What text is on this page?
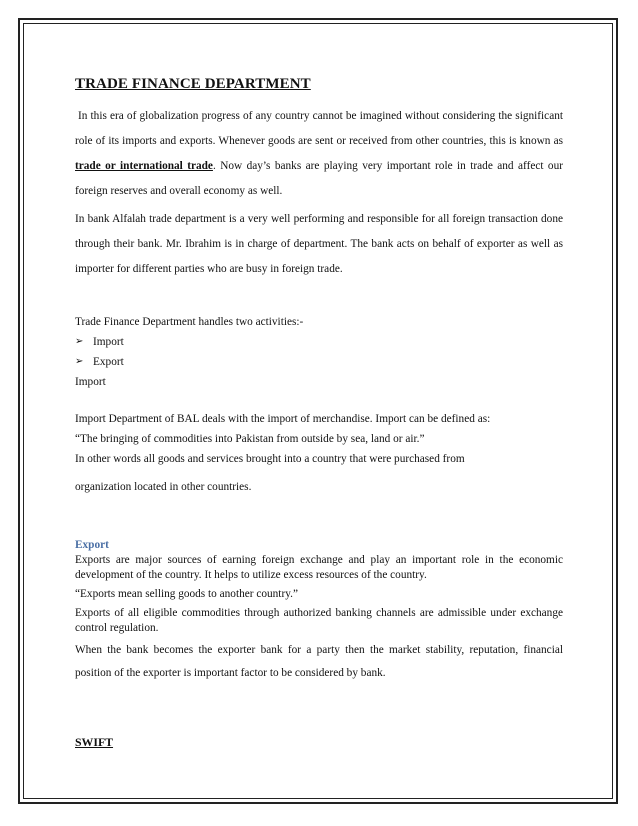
TRADE FINANCE DEPARTMENT

In this era of globalization progress of any country cannot be imagined without considering the significant role of its imports and exports. Whenever goods are sent or received from other countries, this is known as trade or international trade. Now day’s banks are playing very important role in trade and affect our foreign reserves and overall economy as well.

In bank Alfalah trade department is a very well performing and responsible for all foreign transaction done through their bank. Mr. Ibrahim is in charge of department. The bank acts on behalf of exporter as well as importer for different parties who are busy in foreign trade.

Trade Finance Department handles two activities:-

➢ Import
➢ Export

Import

Import Department of BAL deals with the import of merchandise. Import can be defined as:

“The bringing of commodities into Pakistan from outside by sea, land or air.”

In other words all goods and services brought into a country that were purchased from

organization located in other countries.

Export

Exports are major sources of earning foreign exchange and play an important role in the economic development of the country. It helps to utilize excess resources of the country.

“Exports mean selling goods to another country.”

Exports of all eligible commodities through authorized banking channels are admissible under exchange control regulation.

When the bank becomes the exporter bank for a party then the market stability, reputation, financial position of the exporter is important factor to be considered by bank.

SWIFT
